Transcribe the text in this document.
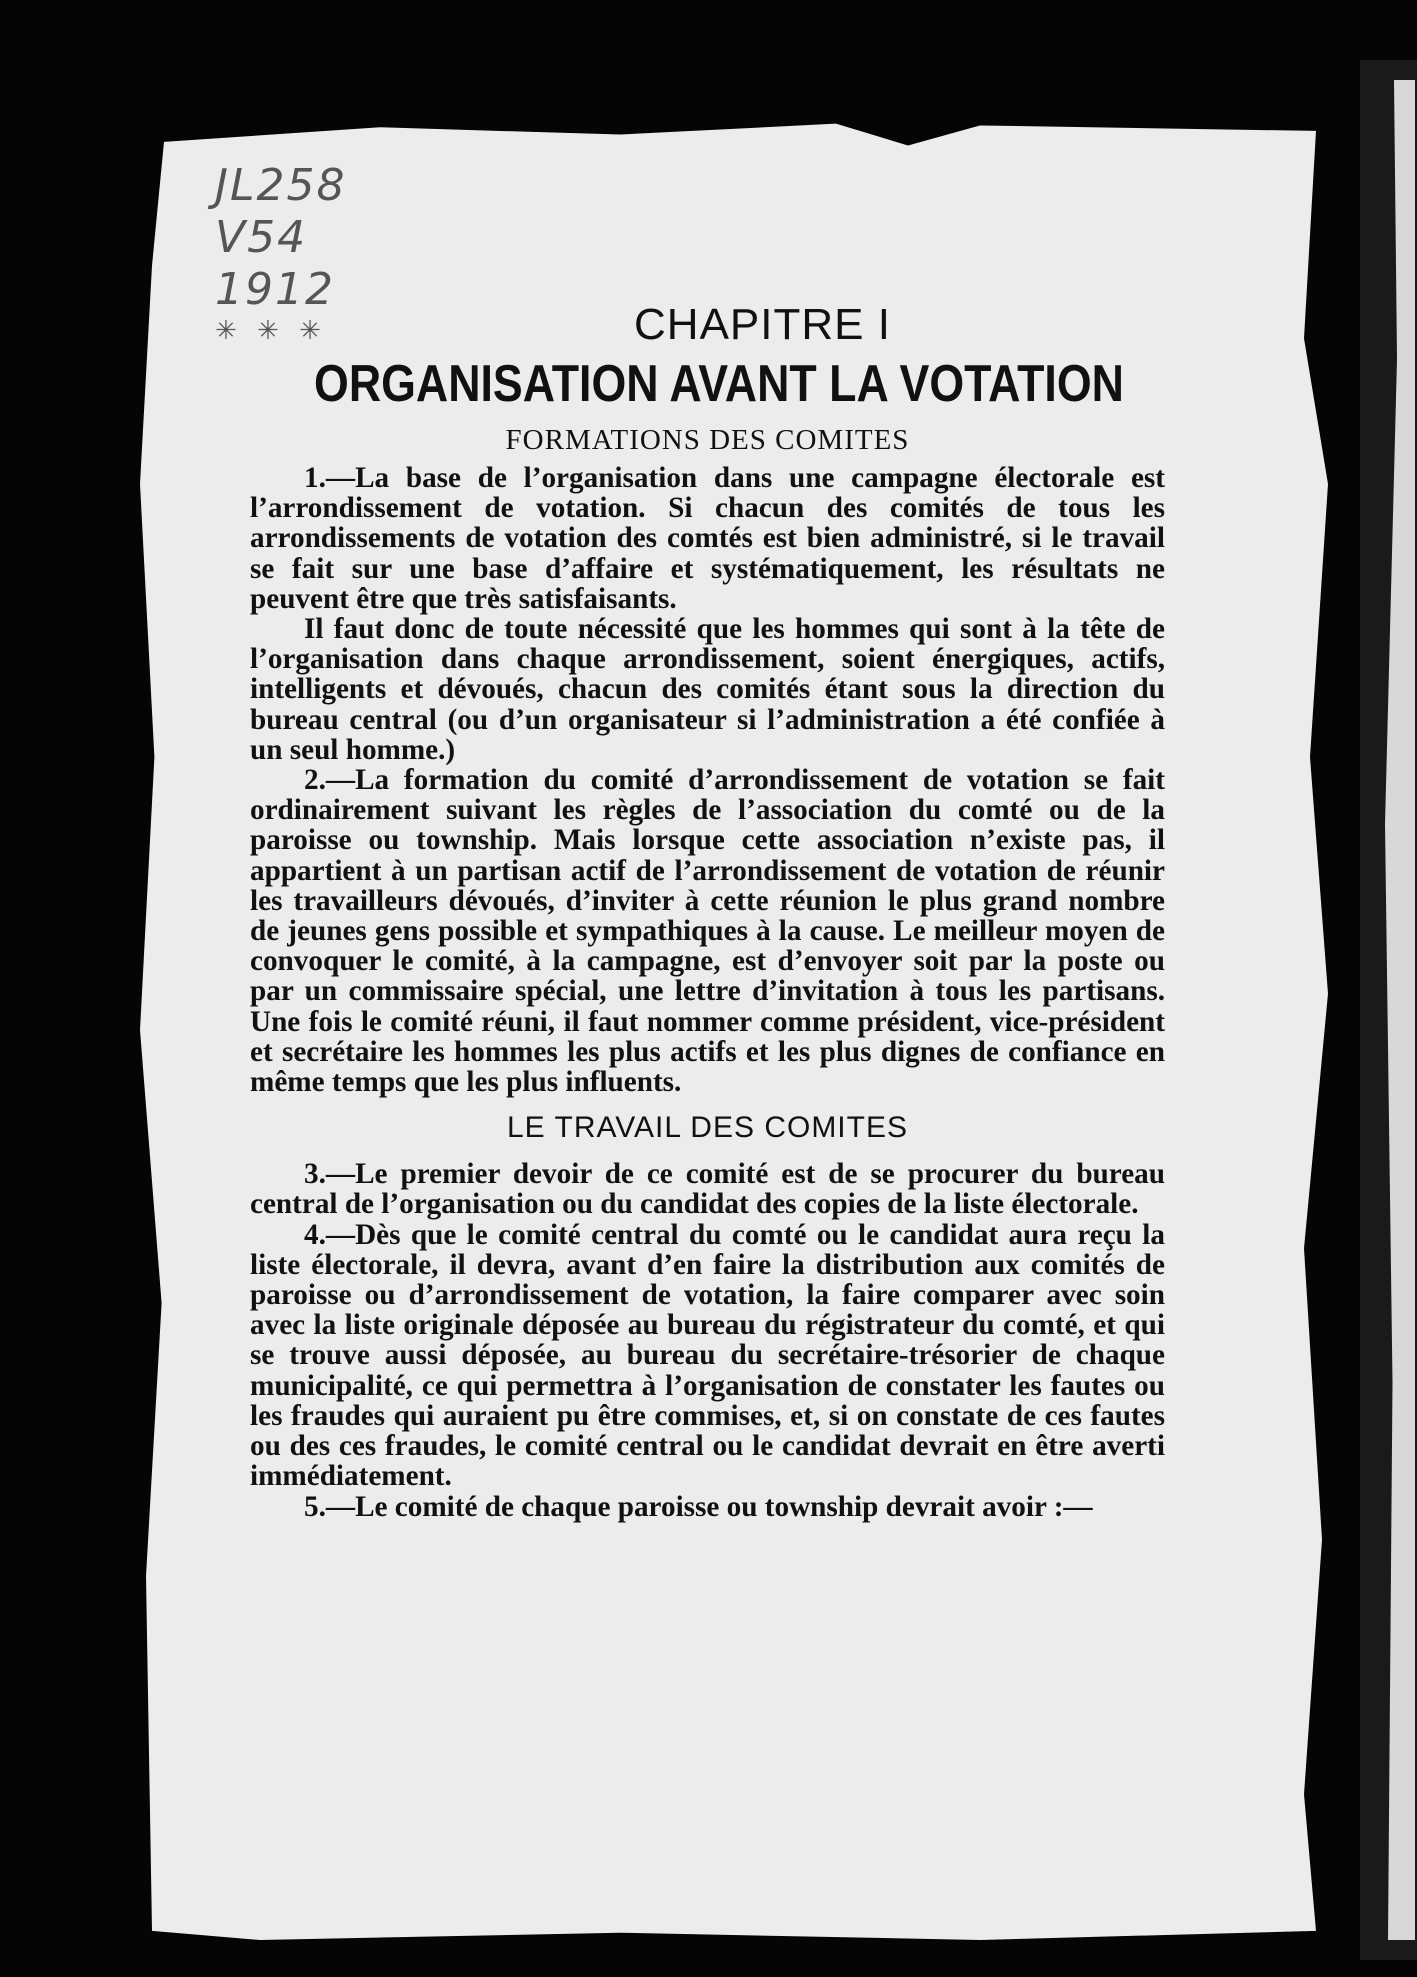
JL258
V54
1912
✳ ✳ ✳	CHAPITRE I
ORGANISATION AVANT LA VOTATION
FORMATIONS DES COMITES

1.—La base de l’organisation dans une campagne électorale est l’arrondissement de votation. Si chacun des comités de tous les arrondissements de votation des comtés est bien administré, si le travail se fait sur une base d’affaire et systématiquement, les résultats ne peuvent être que très satisfaisants.

Il faut donc de toute nécessité que les hommes qui sont à la tête de l’organisation dans chaque arrondissement, soient énergiques, actifs, intelligents et dévoués, chacun des comités étant sous la direction du bureau central (ou d’un organisateur si l’administration a été confiée à un seul homme.)

2.—La formation du comité d’arrondissement de votation se fait ordinairement suivant les règles de l’association du comté ou de la paroisse ou township. Mais lorsque cette association n’existe pas, il appartient à un partisan actif de l’arrondissement de votation de réunir les travailleurs dévoués, d’inviter à cette réunion le plus grand nombre de jeunes gens possible et sympathiques à la cause. Le meilleur moyen de convoquer le comité, à la campagne, est d’envoyer soit par la poste ou par un commissaire spécial, une lettre d’invitation à tous les partisans. Une fois le comité réuni, il faut nommer comme président, vice-président et secrétaire les hommes les plus actifs et les plus dignes de confiance en même temps que les plus influents.

LE TRAVAIL DES COMITES

3.—Le premier devoir de ce comité est de se procurer du bureau central de l’organisation ou du candidat des copies de la liste électorale.

4.—Dès que le comité central du comté ou le candidat aura reçu la liste électorale, il devra, avant d’en faire la distribution aux comités de paroisse ou d’arrondissement de votation, la faire comparer avec soin avec la liste originale déposée au bureau du régistrateur du comté, et qui se trouve aussi déposée, au bureau du secrétaire-trésorier de chaque municipalité, ce qui permettra à l’organisation de constater les fautes ou les fraudes qui auraient pu être commises, et, si on constate de ces fautes ou des ces fraudes, le comité central ou le candidat devrait en être averti immédiatement.

5.—Le comité de chaque paroisse ou township devrait avoir :—
